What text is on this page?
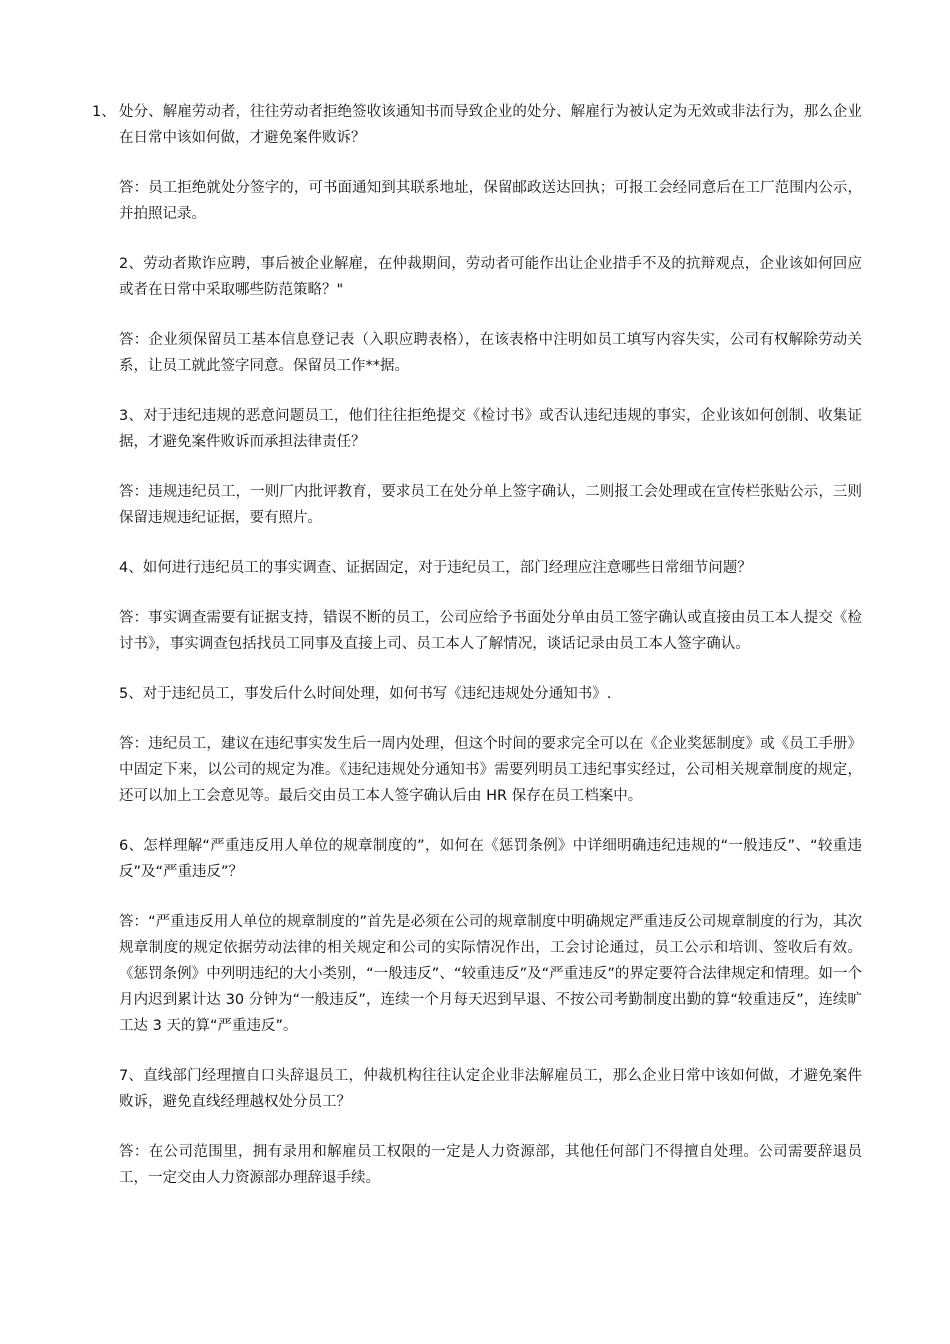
1、 处分、解雇劳动者，往往劳动者拒绝签收该通知书而导致企业的处分、解雇行为被认定为无效或非法行为，那么企业在日常中该如何做，才避免案件败诉？

答：员工拒绝就处分签字的，可书面通知到其联系地址，保留邮政送达回执；可报工会经同意后在工厂范围内公示，并拍照记录。

2、劳动者欺诈应聘，事后被企业解雇，在仲裁期间，劳动者可能作出让企业措手不及的抗辩观点，企业该如何回应或者在日常中采取哪些防范策略？"

答：企业须保留员工基本信息登记表（入职应聘表格），在该表格中注明如员工填写内容失实，公司有权解除劳动关系，让员工就此签字同意。保留员工作**据。

3、对于违纪违规的恶意问题员工，他们往往拒绝提交《检讨书》或否认违纪违规的事实，企业该如何创制、收集证据，才避免案件败诉而承担法律责任？

答：违规违纪员工，一则厂内批评教育，要求员工在处分单上签字确认，二则报工会处理或在宣传栏张贴公示，三则保留违规违纪证据，要有照片。

4、如何进行违纪员工的事实调查、证据固定，对于违纪员工，部门经理应注意哪些日常细节问题？

答：事实调查需要有证据支持，错误不断的员工，公司应给予书面处分单由员工签字确认或直接由员工本人提交《检讨书》，事实调查包括找员工同事及直接上司、员工本人了解情况，谈话记录由员工本人签字确认。

5、对于违纪员工，事发后什么时间处理，如何书写《违纪违规处分通知书》.

答：违纪员工，建议在违纪事实发生后一周内处理，但这个时间的要求完全可以在《企业奖惩制度》或《员工手册》中固定下来，以公司的规定为准。《违纪违规处分通知书》需要列明员工违纪事实经过，公司相关规章制度的规定，还可以加上工会意见等。最后交由员工本人签字确认后由 HR 保存在员工档案中。

6、怎样理解“严重违反用人单位的规章制度的”，如何在《惩罚条例》中详细明确违纪违规的“一般违反”、“较重违反”及“严重违反”？

答：“严重违反用人单位的规章制度的”首先是必须在公司的规章制度中明确规定严重违反公司规章制度的行为，其次规章制度的规定依据劳动法律的相关规定和公司的实际情况作出，工会讨论通过，员工公示和培训、签收后有效。《惩罚条例》中列明违纪的大小类别，“一般违反”、“较重违反”及“严重违反”的界定要符合法律规定和情理。如一个月内迟到累计达 30 分钟为“一般违反”，连续一个月每天迟到早退、不按公司考勤制度出勤的算“较重违反”，连续旷工达 3 天的算“严重违反”。

7、直线部门经理擅自口头辞退员工，仲裁机构往往认定企业非法解雇员工，那么企业日常中该如何做，才避免案件败诉，避免直线经理越权处分员工？

答：在公司范围里，拥有录用和解雇员工权限的一定是人力资源部，其他任何部门不得擅自处理。公司需要辞退员工，一定交由人力资源部办理辞退手续。
